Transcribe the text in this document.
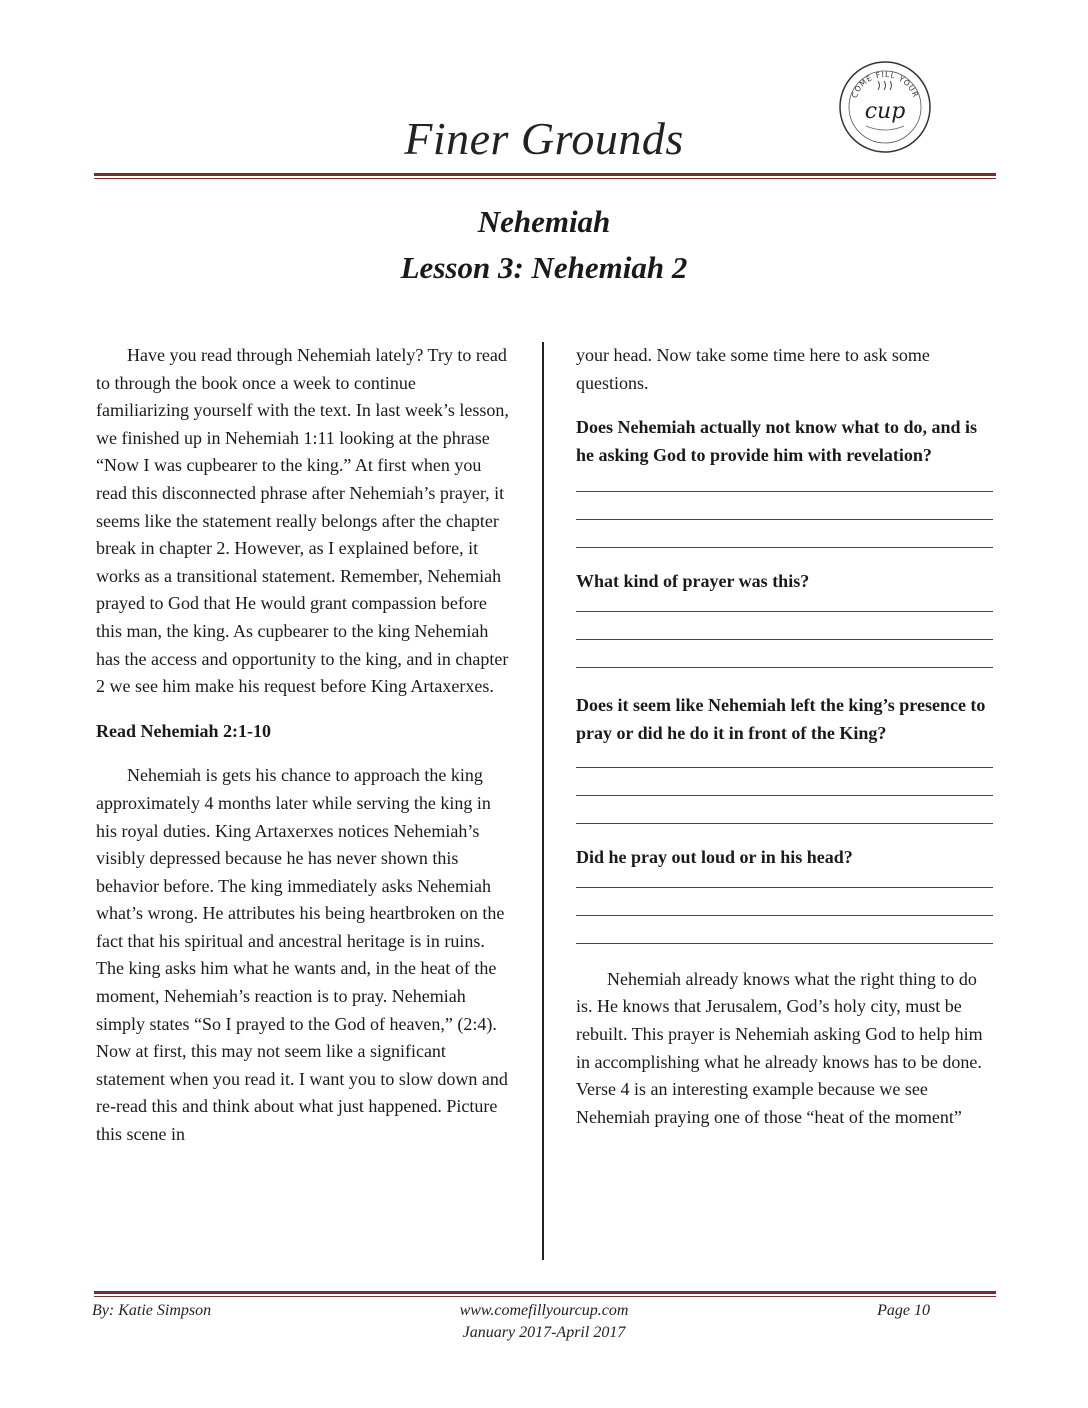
Finer Grounds
COME FILL YOUR
cup
Nehemiah
Lesson 3: Nehemiah 2

Have you read through Nehemiah lately? Try to read to through the book once a week to continue familiarizing yourself with the text. In last week’s lesson, we finished up in Nehemiah 1:11 looking at the phrase “Now I was cupbearer to the king.” At first when you read this disconnected phrase after Nehemiah’s prayer, it seems like the statement really belongs after the chapter break in chapter 2. However, as I explained before, it works as a transitional statement. Remember, Nehemiah prayed to God that He would grant compassion before this man, the king. As cupbearer to the king Nehemiah has the access and opportunity to the king, and in chapter 2 we see him make his request before King Artaxerxes.

Read Nehemiah 2:1-10

Nehemiah is gets his chance to approach the king approximately 4 months later while serving the king in his royal duties. King Artaxerxes notices Nehemiah’s visibly depressed because he has never shown this behavior before. The king immediately asks Nehemiah what’s wrong. He attributes his being heartbroken on the fact that his spiritual and ancestral heritage is in ruins. The king asks him what he wants and, in the heat of the moment, Nehemiah’s reaction is to pray. Nehemiah simply states “So I prayed to the God of heaven,” (2:4). Now at first, this may not seem like a significant statement when you read it. I want you to slow down and re-read this and think about what just happened. Picture this scene in

your head. Now take some time here to ask some questions.

Does Nehemiah actually not know what to do, and is he asking God to provide him with revelation?

What kind of prayer was this?

Does it seem like Nehemiah left the king’s presence to pray or did he do it in front of the King?

Did he pray out loud or in his head?

Nehemiah already knows what the right thing to do is. He knows that Jerusalem, God’s holy city, must be rebuilt. This prayer is Nehemiah asking God to help him in accomplishing what he already knows has to be done. Verse 4 is an interesting example because we see Nehemiah praying one of those “heat of the moment”

By: Katie Simpson	www.comefillyourcup.com
January 2017-April 2017
Page 10
